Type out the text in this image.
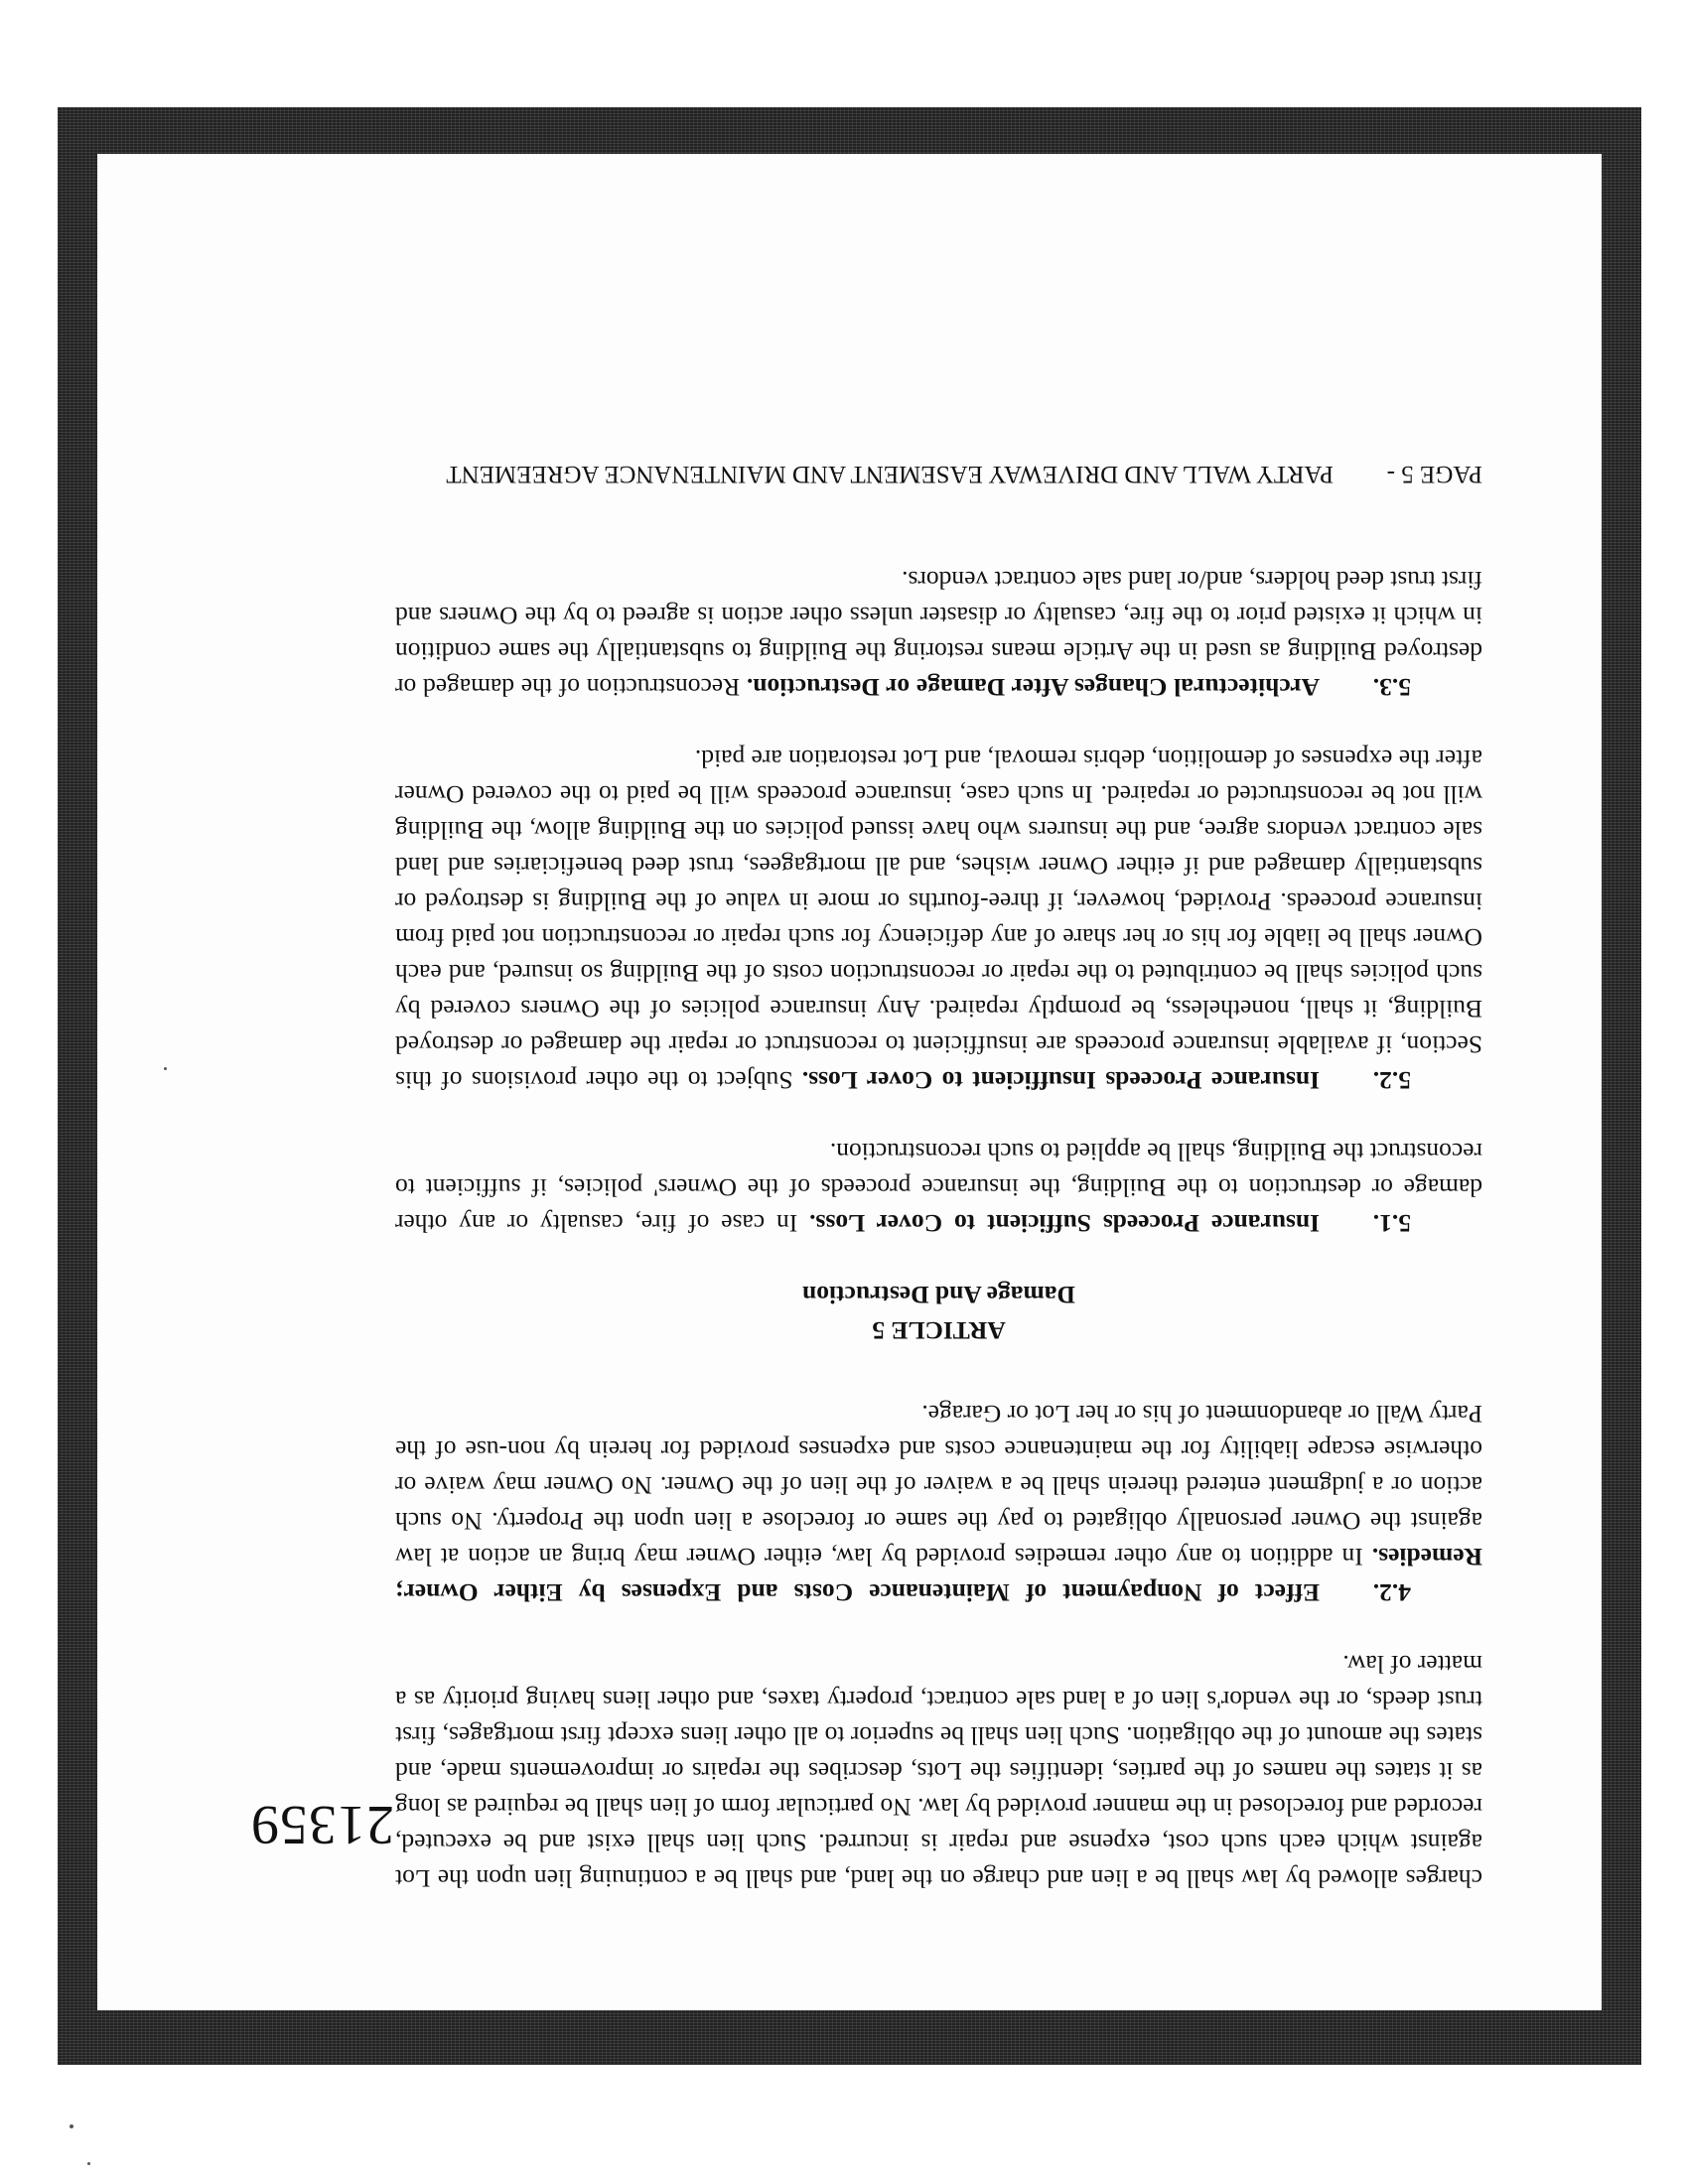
21359

charges allowed by law shall be a lien and charge on the land, and shall be a continuing lien upon the Lot against which each such cost, expense and repair is incurred. Such lien shall exist and be executed, recorded and foreclosed in the manner provided by law. No particular form of lien shall be required as long as it states the names of the parties, identifies the Lots, describes the repairs or improvements made, and states the amount of the obligation. Such lien shall be superior to all other liens except first mortgages, first trust deeds, or the vendor's lien of a land sale contract, property taxes, and other liens having priority as a matter of law.

4.2.Effect of Nonpayment of Maintenance Costs and Expenses by Either Owner; Remedies. In addition to any other remedies provided by law, either Owner may bring an action at law against the Owner personally obligated to pay the same or foreclose a lien upon the Property. No such action or a judgment entered therein shall be a waiver of the lien of the Owner. No Owner may waive or otherwise escape liability for the maintenance costs and expenses provided for herein by non-use of the Party Wall or abandonment of his or her Lot or Garage.

ARTICLE 5
Damage And Destruction

5.1.Insurance Proceeds Sufficient to Cover Loss. In case of fire, casualty or any other damage or destruction to the Building, the insurance proceeds of the Owners' policies, if sufficient to reconstruct the Building, shall be applied to such reconstruction.

5.2.Insurance Proceeds Insufficient to Cover Loss. Subject to the other provisions of this Section, if available insurance proceeds are insufficient to reconstruct or repair the damaged or destroyed Building, it shall, nonetheless, be promptly repaired. Any insurance policies of the Owners covered by such policies shall be contributed to the repair or reconstruction costs of the Building so insured, and each Owner shall be liable for his or her share of any deficiency for such repair or reconstruction not paid from insurance proceeds. Provided, however, if three-fourths or more in value of the Building is destroyed or substantially damaged and if either Owner wishes, and all mortgagees, trust deed beneficiaries and land sale contract vendors agree, and the insurers who have issued policies on the Building allow, the Building will not be reconstructed or repaired. In such case, insurance proceeds will be paid to the covered Owner after the expenses of demolition, debris removal, and Lot restoration are paid.

5.3.Architectural Changes After Damage or Destruction. Reconstruction of the damaged or destroyed Building as used in the Article means restoring the Building to substantially the same condition in which it existed prior to the fire, casualty or disaster unless other action is agreed to by the Owners and first trust deed holders, and/or land sale contract vendors.

PAGE 5 -
PARTY WALL AND DRIVEWAY EASEMENT AND MAINTENANCE AGREEMENT
